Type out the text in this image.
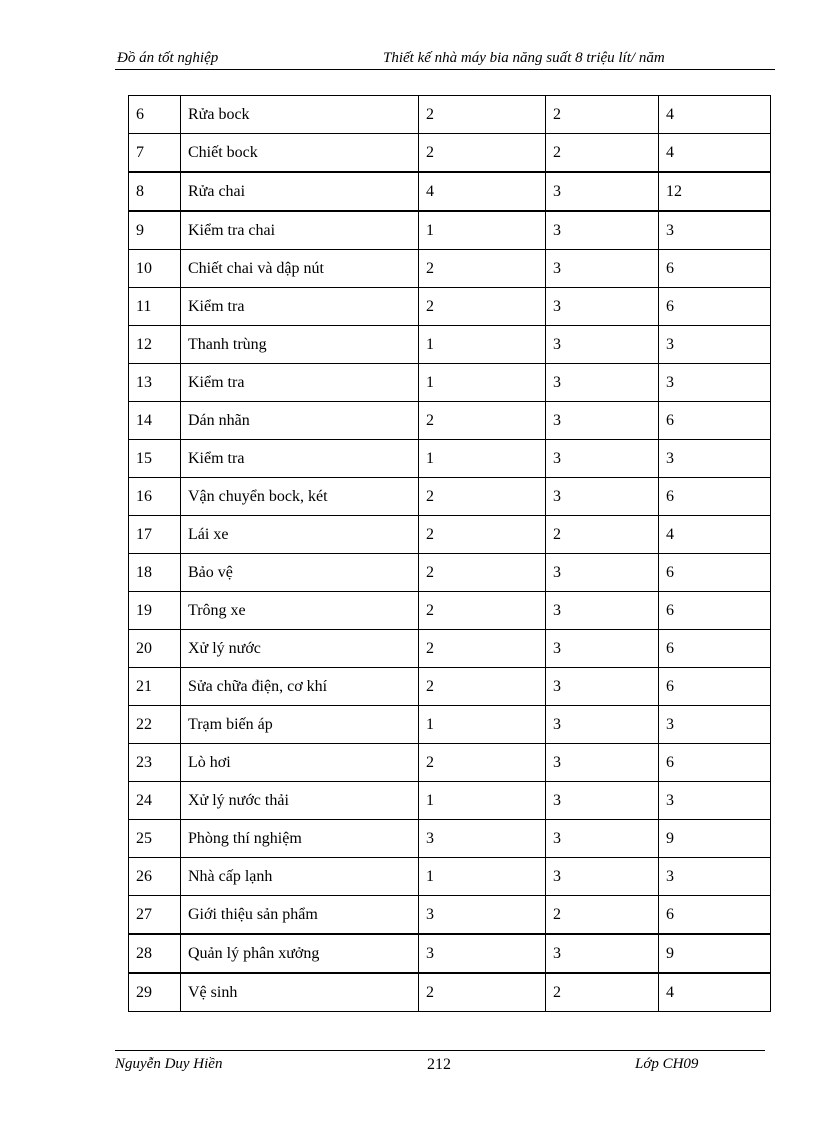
Đồ án tốt nghiệp	Thiết kế nhà máy bia năng suất 8 triệu lít/ năm
6	Rửa bock	2	2	4
7	Chiết bock	2	2	4
8	Rửa chai	4	3	12
9	Kiểm tra chai	1	3	3
10	Chiết chai và dập nút	2	3	6
11	Kiểm tra	2	3	6
12	Thanh trùng	1	3	3
13	Kiểm tra	1	3	3
14	Dán nhãn	2	3	6
15	Kiểm tra	1	3	3
16	Vận chuyển bock, két	2	3	6
17	Lái xe	2	2	4
18	Bảo vệ	2	3	6
19	Trông xe	2	3	6
20	Xử lý nước	2	3	6
21	Sửa chữa điện, cơ khí	2	3	6
22	Trạm biến áp	1	3	3
23	Lò hơi	2	3	6
24	Xử lý nước thải	1	3	3
25	Phòng thí nghiệm	3	3	9
26	Nhà cấp lạnh	1	3	3
27	Giới thiệu sản phẩm	3	2	6
28	Quản lý phân xưởng	3	3	9
29	Vệ sinh	2	2	4
Nguyễn Duy Hiền	212	Lớp CH09
